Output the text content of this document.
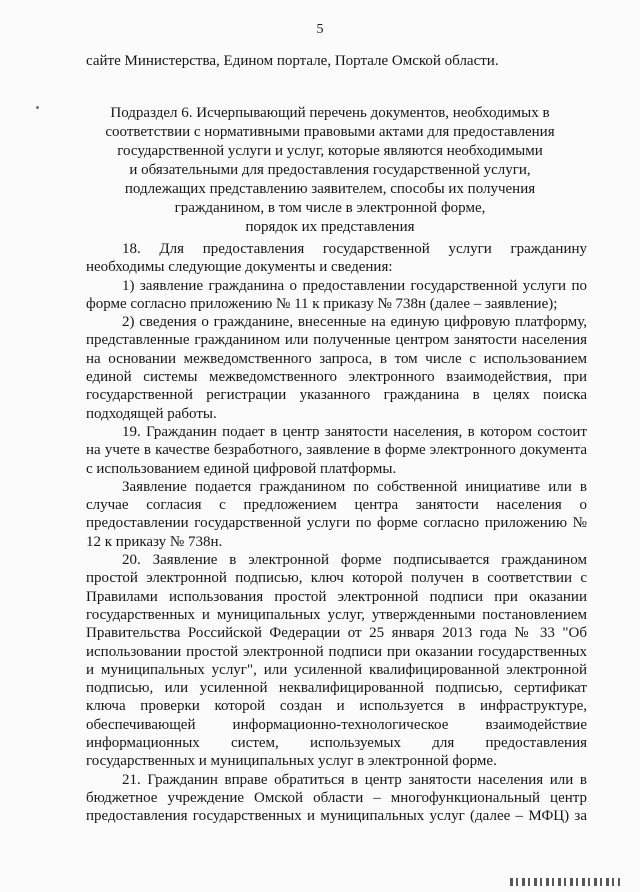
5
сайте Министерства, Едином портале, Портале Омской области.
Подраздел 6. Исчерпывающий перечень документов, необходимых в
соответствии с нормативными правовыми актами для предоставления
государственной услуги и услуг, которые являются необходимыми
и обязательными для предоставления государственной услуги,
подлежащих представлению заявителем, способы их получения
гражданином, в том числе в электронной форме,
порядок их представления

18. Для предоставления государственной услуги гражданину необходимы следующие документы и сведения:

1) заявление гражданина о предоставлении государственной услуги по форме согласно приложению № 11 к приказу № 738н (далее – заявление);

2) сведения о гражданине, внесенные на единую цифровую платформу, представленные гражданином или полученные центром занятости населения на основании межведомственного запроса, в том числе с использованием единой системы межведомственного электронного взаимодействия, при государственной регистрации указанного гражданина в целях поиска подходящей работы.

19. Гражданин подает в центр занятости населения, в котором состоит на учете в качестве безработного, заявление в форме электронного документа с использованием единой цифровой платформы.

Заявление подается гражданином по собственной инициативе или в случае согласия с предложением центра занятости населения о предоставлении государственной услуги по форме согласно приложению № 12 к приказу № 738н.

20. Заявление в электронной форме подписывается гражданином простой электронной подписью, ключ которой получен в соответствии с Правилами использования простой электронной подписи при оказании государственных и муниципальных услуг, утвержденными постановлением Правительства Российской Федерации от 25 января 2013 года № 33 "Об использовании простой электронной подписи при оказании государственных и муниципальных услуг", или усиленной квалифицированной электронной подписью, или усиленной неквалифицированной подписью, сертификат ключа проверки которой создан и используется в инфраструктуре, обеспечивающей информационно-технологическое взаимодействие информационных систем, используемых для предоставления государственных и муниципальных услуг в электронной форме.

21. Гражданин вправе обратиться в центр занятости населения или в бюджетное учреждение Омской области – многофункциональный центр предоставления государственных и муниципальных услуг (далее – МФЦ) за
